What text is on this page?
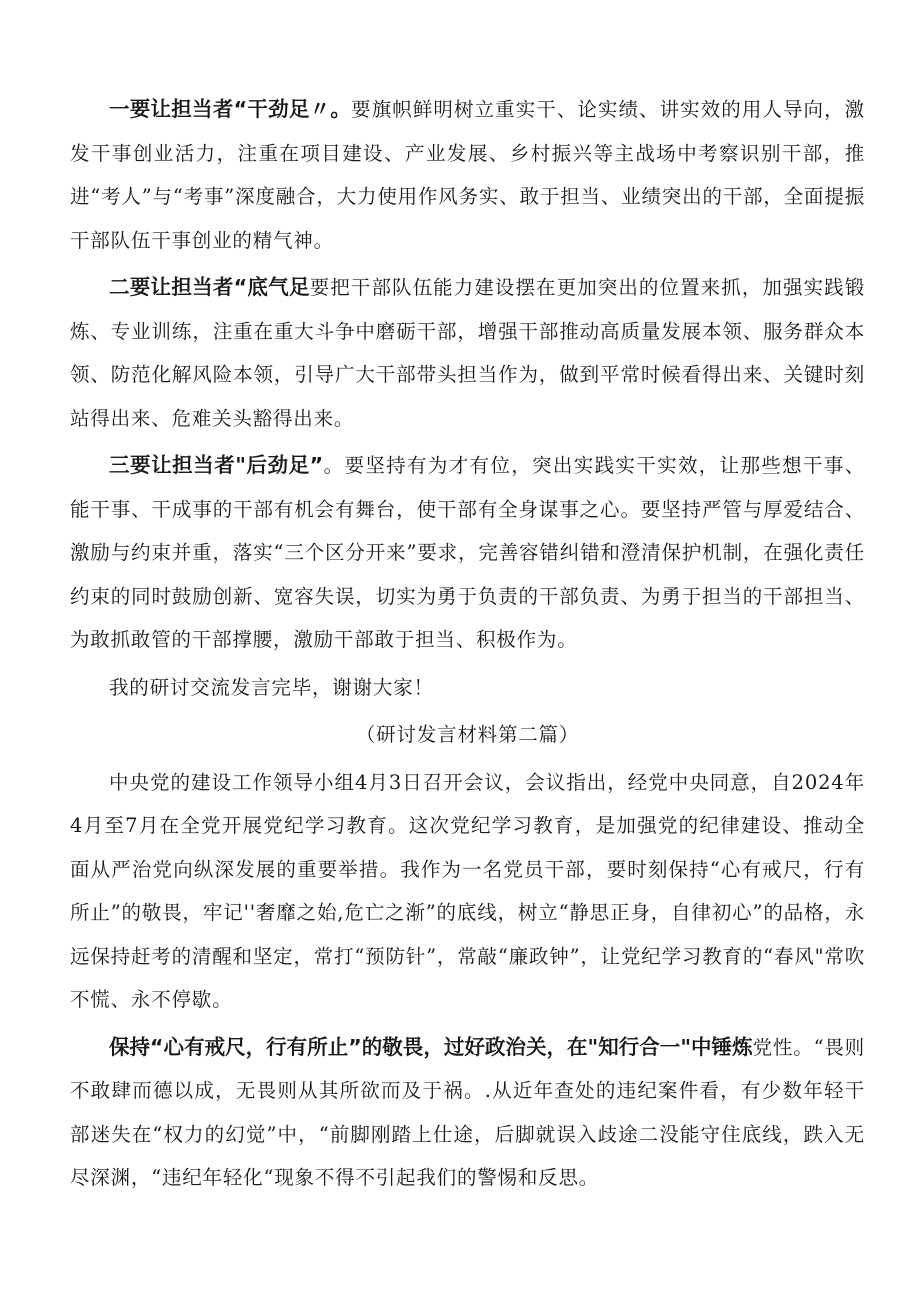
一要让担当者“干劲足〃。要旗帜鲜明树立重实干、论实绩、讲实效的用人导向，激发干事创业活力，注重在项目建设、产业发展、乡村振兴等主战场中考察识别干部，推进“考人”与“考事”深度融合，大力使用作风务实、敢于担当、业绩突出的干部，全面提振干部队伍干事创业的精气神。

二要让担当者“底气足要把干部队伍能力建设摆在更加突出的位置来抓，加强实践锻炼、专业训练，注重在重大斗争中磨砺干部，增强干部推动高质量发展本领、服务群众本领、防范化解风险本领，引导广大干部带头担当作为，做到平常时候看得出来、关键时刻站得出来、危难关头豁得出来。

三要让担当者"后劲足”。要坚持有为才有位，突出实践实干实效，让那些想干事、能干事、干成事的干部有机会有舞台，使干部有全身谋事之心。要坚持严管与厚爱结合、激励与约束并重，落实“三个区分开来”要求，完善容错纠错和澄清保护机制，在强化责任约束的同时鼓励创新、宽容失误，切实为勇于负责的干部负责、为勇于担当的干部担当、为敢抓敢管的干部撑腰，激励干部敢于担当、积极作为。

我的研讨交流发言完毕，谢谢大家！

（研讨发言材料第二篇）

中央党的建设工作领导小组4月3日召开会议，会议指出，经党中央同意，自2024年4月至7月在全党开展党纪学习教育。这次党纪学习教育，是加强党的纪律建设、推动全面从严治党向纵深发展的重要举措。我作为一名党员干部，要时刻保持“心有戒尺，行有所止”的敬畏，牢记''奢靡之始,危亡之渐”的底线，树立“静思正身，自律初心”的品格，永远保持赶考的清醒和坚定，常打“预防针”，常敲“廉政钟”，让党纪学习教育的“春风"常吹不慌、永不停歇。

保持“心有戒尺，行有所止”的敬畏，过好政治关，在"知行合一"中锤炼党性。“畏则不敢肆而德以成，无畏则从其所欲而及于祸。.从近年查处的违纪案件看，有少数年轻干部迷失在“权力的幻觉”中，“前脚刚踏上仕途，后脚就误入歧途二没能守住底线，跌入无尽深渊，“违纪年轻化“现象不得不引起我们的警惕和反思。
